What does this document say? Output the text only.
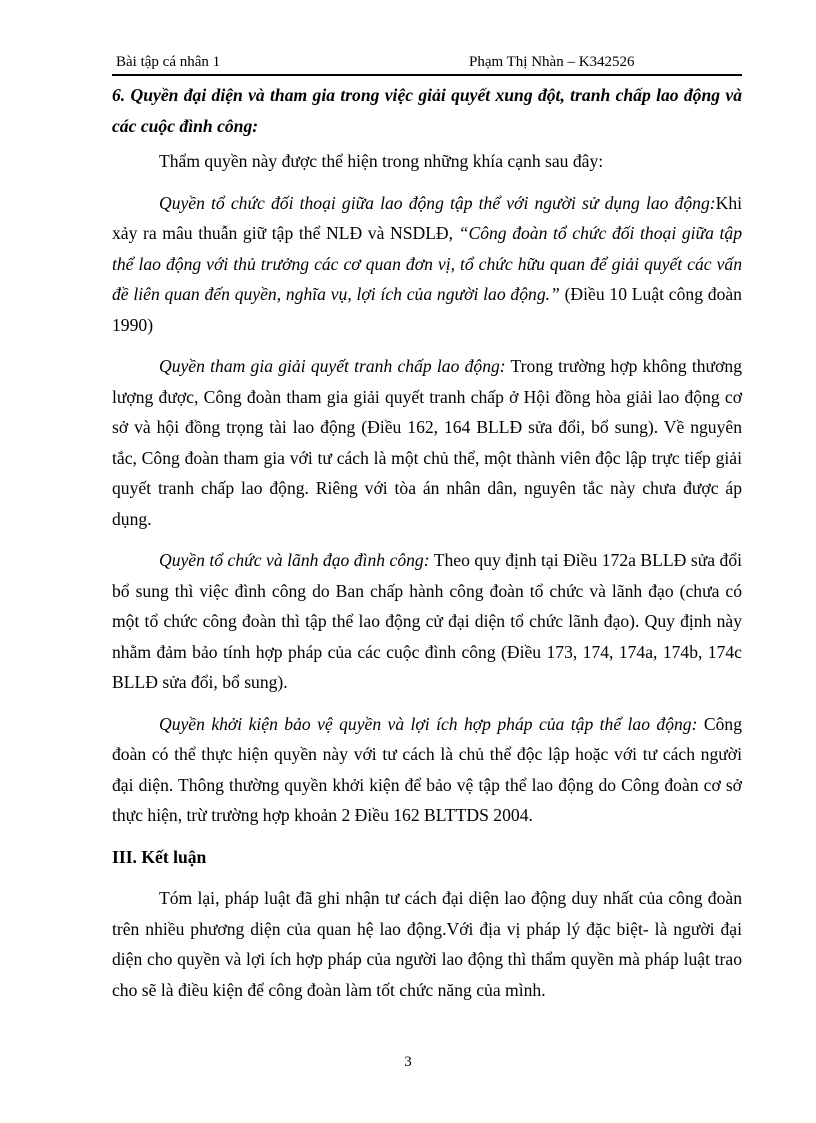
Bài tập cá nhân 1	Phạm Thị Nhàn – K342526

6. Quyền đại diện và tham gia trong việc giải quyết xung đột, tranh chấp lao động và các cuộc đình công:

Thẩm quyền này được thể hiện trong những khía cạnh sau đây:

Quyền tổ chức đối thoại giữa lao động tập thể với người sử dụng lao động:Khi xảy ra mâu thuẫn giữ tập thể NLĐ và NSDLĐ, “Công đoàn tổ chức đối thoại giữa tập thể lao động với thủ trưởng các cơ quan đơn vị, tổ chức hữu quan để giải quyết các vấn đề liên quan đến quyền, nghĩa vụ, lợi ích của người lao động.” (Điều 10 Luật công đoàn 1990)

Quyền tham gia giải quyết tranh chấp lao động: Trong trường hợp không thương lượng được, Công đoàn tham gia giải quyết tranh chấp ở Hội đồng hòa giải lao động cơ sở và hội đồng trọng tài lao động (Điều 162, 164 BLLĐ sửa đổi, bổ sung). Về nguyên tắc, Công đoàn tham gia với tư cách là một chủ thể, một thành viên độc lập trực tiếp giải quyết tranh chấp lao động. Riêng với tòa án nhân dân, nguyên tắc này chưa được áp dụng.

Quyền tổ chức và lãnh đạo đình công: Theo quy định tại Điều 172a BLLĐ sửa đổi bổ sung thì việc đình công do Ban chấp hành công đoàn tổ chức và lãnh đạo (chưa có một tổ chức công đoàn thì tập thể lao động cử đại diện tổ chức lãnh đạo). Quy định này nhằm đảm bảo tính hợp pháp của các cuộc đình công (Điều 173, 174, 174a, 174b, 174c BLLĐ sửa đổi, bổ sung).

Quyền khởi kiện bảo vệ quyền và lợi ích hợp pháp của tập thể lao động: Công đoàn có thể thực hiện quyền này với tư cách là chủ thể độc lập hoặc với tư cách người đại diện. Thông thường quyền khởi kiện để bảo vệ tập thể lao động do Công đoàn cơ sở thực hiện, trừ trường hợp khoản 2 Điều 162 BLTTDS 2004.

III. Kết luận

Tóm lại, pháp luật đã ghi nhận tư cách đại diện lao động duy nhất của công đoàn trên nhiều phương diện của quan hệ lao động.Với địa vị pháp lý đặc biệt- là người đại diện cho quyền và lợi ích hợp pháp của người lao động thì thẩm quyền mà pháp luật trao cho sẽ là điều kiện để công đoàn làm tốt chức năng của mình.

3
